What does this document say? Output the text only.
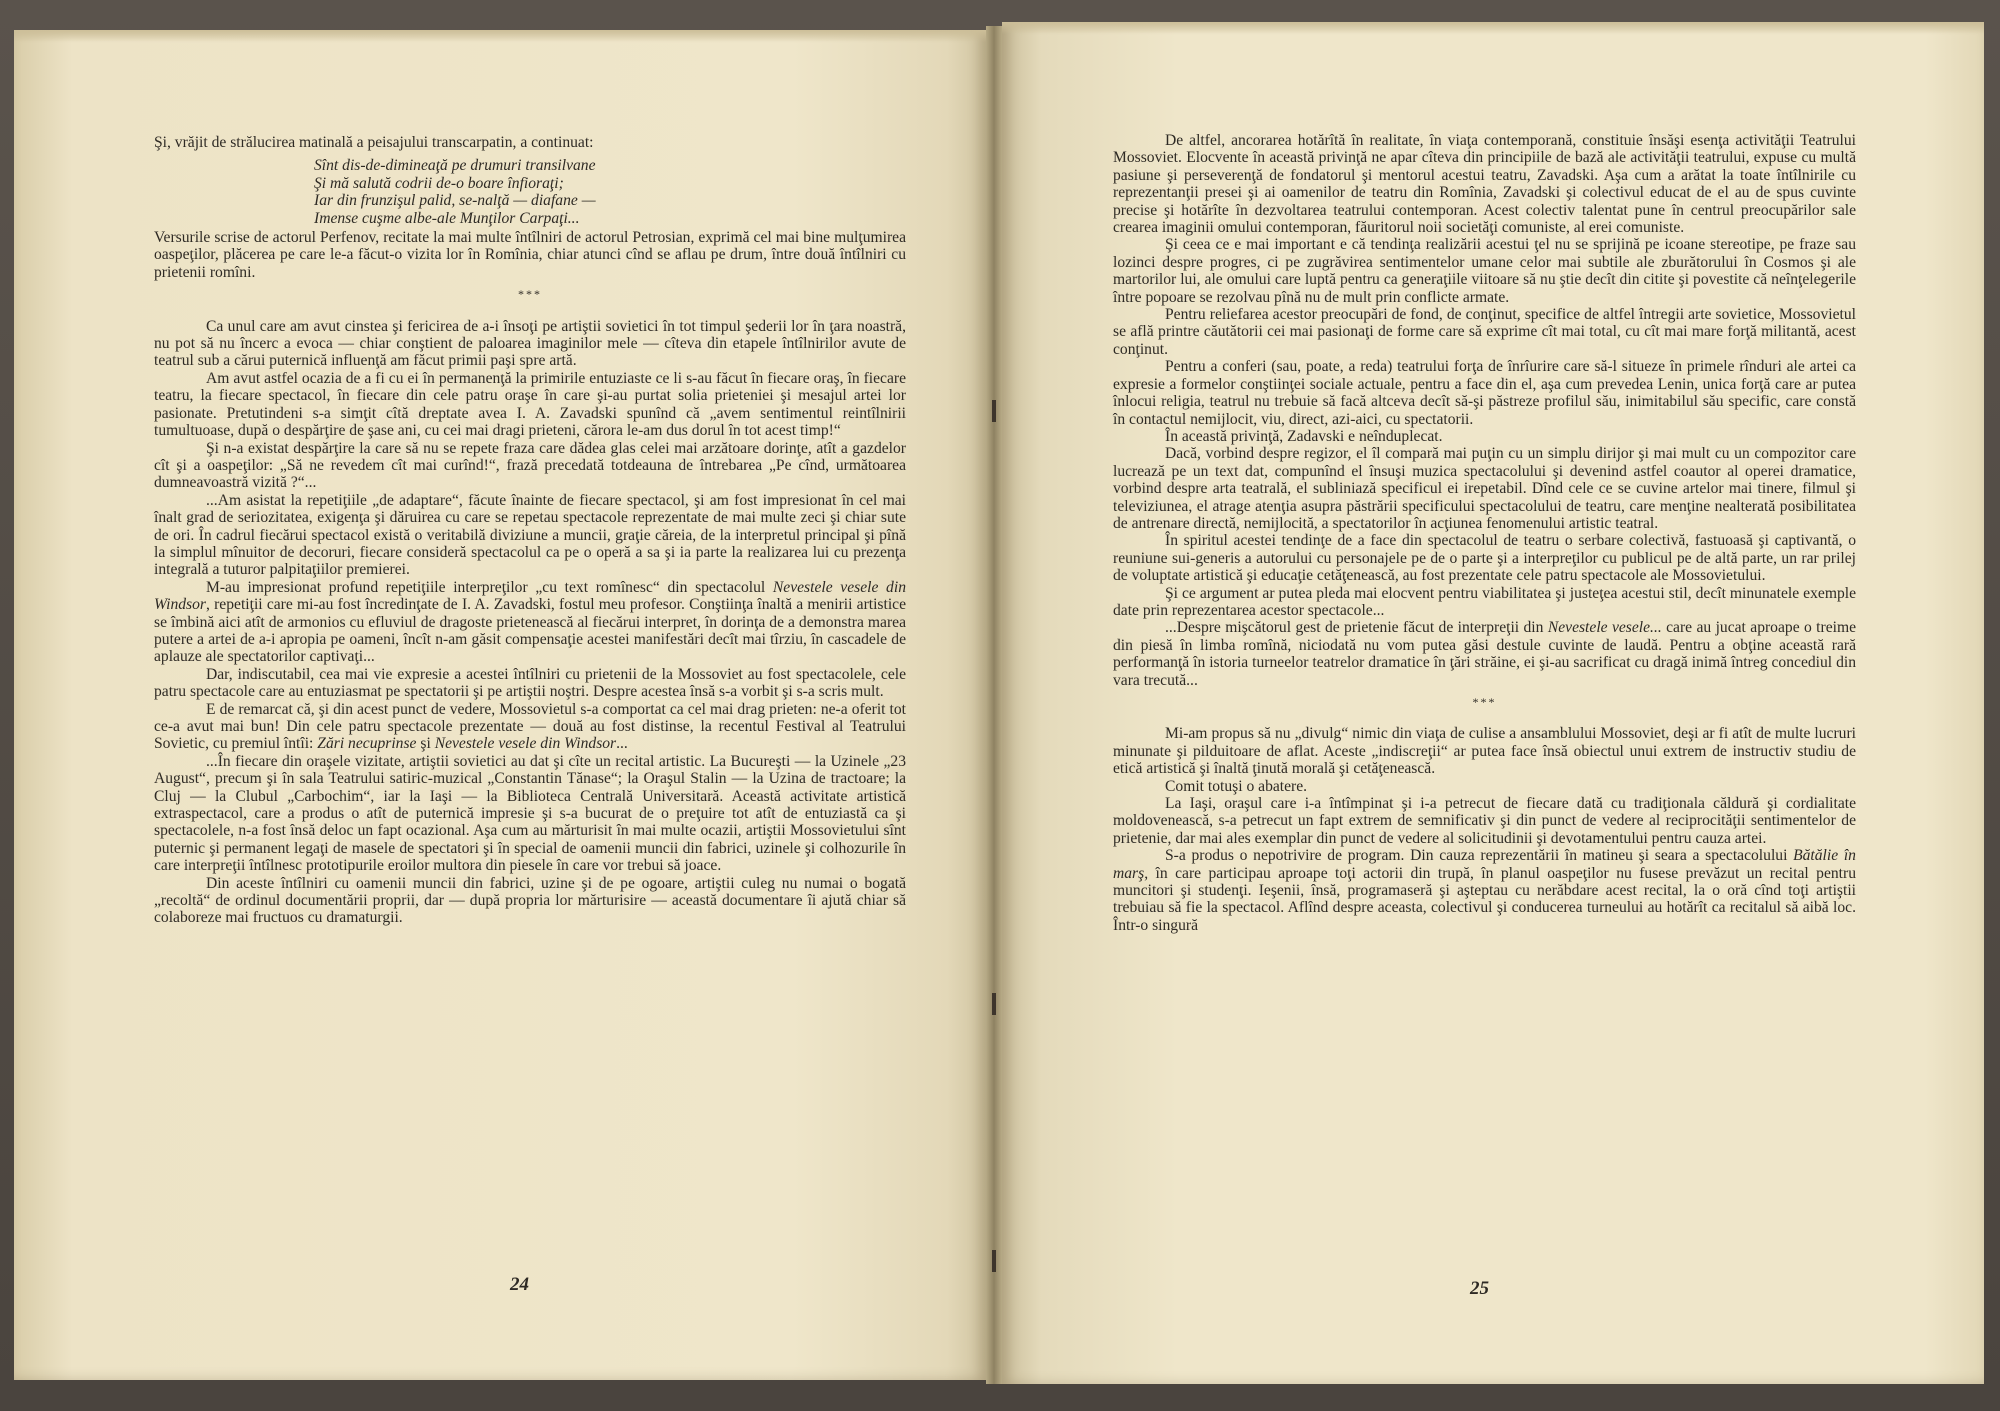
Şi, vrăjit de strălucirea matinală a peisajului transcarpatin, a continuat:

Sînt dis-de-dimineaţă pe drumuri transilvane
Şi mă salută codrii de-o boare înfioraţi;
Iar din frunzişul palid, se-nalţă — diafane —
Imense cuşme albe-ale Munţilor Carpaţi...

Versurile scrise de actorul Perfenov, recitate la mai multe întîlniri de actorul Petrosian, exprimă cel mai bine mulţumirea oaspeţilor, plăcerea pe care le-a făcut-o vizita lor în Romînia, chiar atunci cînd se aflau pe drum, între două întîlniri cu prietenii romîni.

***

Ca unul care am avut cinstea şi fericirea de a-i însoţi pe artiştii sovietici în tot timpul şederii lor în ţara noastră, nu pot să nu încerc a evoca — chiar conştient de paloarea imaginilor mele — cîteva din etapele întîlnirilor avute de teatrul sub a cărui puternică influenţă am făcut primii paşi spre artă.

Am avut astfel ocazia de a fi cu ei în permanenţă la primirile entuziaste ce li s-au făcut în fiecare oraş, în fiecare teatru, la fiecare spectacol, în fiecare din cele patru oraşe în care şi-au purtat solia prieteniei şi mesajul artei lor pasionate. Pretutindeni s-a simţit cîtă dreptate avea I. A. Zavadski spunînd că „avem sentimentul reintîlnirii tumultuoase, după o despărţire de şase ani, cu cei mai dragi prieteni, cărora le-am dus dorul în tot acest timp!“

Şi n-a existat despărţire la care să nu se repete fraza care dădea glas celei mai arzătoare dorinţe, atît a gazdelor cît şi a oaspeţilor: „Să ne revedem cît mai curînd!“, frază precedată totdeauna de întrebarea „Pe cînd, următoarea dumneavoastră vizită ?“...

...Am asistat la repetiţiile „de adaptare“, făcute înainte de fiecare spectacol, şi am fost impresionat în cel mai înalt grad de seriozitatea, exigenţa şi dăruirea cu care se repetau spectacole reprezentate de mai multe zeci şi chiar sute de ori. În cadrul fiecărui spectacol există o veritabilă diviziune a muncii, graţie căreia, de la interpretul principal şi pînă la simplul mînuitor de decoruri, fiecare consideră spectacolul ca pe o operă a sa şi ia parte la realizarea lui cu prezenţa integrală a tuturor palpitaţiilor premierei.

M-au impresionat profund repetiţiile interpreţilor „cu text romînesc“ din spectacolul Nevestele vesele din Windsor, repetiţii care mi-au fost încredinţate de I. A. Zavadski, fostul meu profesor. Conştiinţa înaltă a menirii artistice se îmbină aici atît de armonios cu efluviul de dragoste prietenească al fiecărui interpret, în dorinţa de a demonstra marea putere a artei de a-i apropia pe oameni, încît n-am găsit compensaţie acestei manifestări decît mai tîrziu, în cascadele de aplauze ale spectatorilor captivaţi...

Dar, indiscutabil, cea mai vie expresie a acestei întîlniri cu prietenii de la Mossoviet au fost spectacolele, cele patru spectacole care au entuziasmat pe spectatorii şi pe artiştii noştri. Despre acestea însă s-a vorbit şi s-a scris mult.

E de remarcat că, şi din acest punct de vedere, Mossovietul s-a comportat ca cel mai drag prieten: ne-a oferit tot ce-a avut mai bun! Din cele patru spectacole prezentate — două au fost distinse, la recentul Festival al Teatrului Sovietic, cu premiul întîi: Zări necuprinse şi Nevestele vesele din Windsor...

...În fiecare din oraşele vizitate, artiştii sovietici au dat şi cîte un recital artistic. La Bucureşti — la Uzinele „23 August“, precum şi în sala Teatrului satiric-muzical „Constantin Tănase“; la Oraşul Stalin — la Uzina de tractoare; la Cluj — la Clubul „Carbochim“, iar la Iaşi — la Biblioteca Centrală Universitară. Această activitate artistică extraspectacol, care a produs o atît de puternică impresie şi s-a bucurat de o preţuire tot atît de entuziastă ca şi spectacolele, n-a fost însă deloc un fapt ocazional. Aşa cum au mărturisit în mai multe ocazii, artiştii Mossovietului sînt puternic şi permanent legaţi de masele de spectatori şi în special de oamenii muncii din fabrici, uzinele şi colhozurile în care interpreţii întîlnesc prototipurile eroilor multora din piesele în care vor trebui să joace.

Din aceste întîlniri cu oamenii muncii din fabrici, uzine şi de pe ogoare, artiştii culeg nu numai o bogată „recoltă“ de ordinul documentării proprii, dar — după propria lor mărturisire — această documentare îi ajută chiar să colaboreze mai fructuos cu dramaturgii.

24

De altfel, ancorarea hotărîtă în realitate, în viaţa contemporană, constituie însăşi esenţa activităţii Teatrului Mossoviet. Elocvente în această privinţă ne apar cîteva din principiile de bază ale activităţii teatrului, expuse cu multă pasiune şi perseverenţă de fondatorul şi mentorul acestui teatru, Zavadski. Aşa cum a arătat la toate întîlnirile cu reprezentanţii presei şi ai oamenilor de teatru din Romînia, Zavadski şi colectivul educat de el au de spus cuvinte precise şi hotărîte în dezvoltarea teatrului contemporan. Acest colectiv talentat pune în centrul preocupărilor sale crearea imaginii omului contemporan, făuritorul noii societăţi comuniste, al erei comuniste.

Şi ceea ce e mai important e că tendinţa realizării acestui ţel nu se sprijină pe icoane stereotipe, pe fraze sau lozinci despre progres, ci pe zugrăvirea sentimentelor umane celor mai subtile ale zburătorului în Cosmos şi ale martorilor lui, ale omului care luptă pentru ca generaţiile viitoare să nu ştie decît din citite şi povestite că neînţelegerile între popoare se rezolvau pînă nu de mult prin conflicte armate.

Pentru reliefarea acestor preocupări de fond, de conţinut, specifice de altfel întregii arte sovietice, Mossovietul se află printre căutătorii cei mai pasionaţi de forme care să exprime cît mai total, cu cît mai mare forţă militantă, acest conţinut.

Pentru a conferi (sau, poate, a reda) teatrului forţa de înrîurire care să-l situeze în primele rînduri ale artei ca expresie a formelor conştiinţei sociale actuale, pentru a face din el, aşa cum prevedea Lenin, unica forţă care ar putea înlocui religia, teatrul nu trebuie să facă altceva decît să-şi păstreze profilul său, inimitabilul său specific, care constă în contactul nemijlocit, viu, direct, azi-aici, cu spectatorii.

În această privinţă, Zadavski e neînduplecat.

Dacă, vorbind despre regizor, el îl compară mai puţin cu un simplu dirijor şi mai mult cu un compozitor care lucrează pe un text dat, compunînd el însuşi muzica spectacolului şi devenind astfel coautor al operei dramatice, vorbind despre arta teatrală, el subliniază specificul ei irepetabil. Dînd cele ce se cuvine artelor mai tinere, filmul şi televiziunea, el atrage atenţia asupra păstrării specificului spectacolului de teatru, care menţine nealterată posibilitatea de antrenare directă, nemijlocită, a spectatorilor în acţiunea fenomenului artistic teatral.

În spiritul acestei tendinţe de a face din spectacolul de teatru o serbare colectivă, fastuoasă şi captivantă, o reuniune sui-generis a autorului cu personajele pe de o parte şi a interpreţilor cu publicul pe de altă parte, un rar prilej de voluptate artistică şi educaţie cetăţenească, au fost prezentate cele patru spectacole ale Mossovietului.

Şi ce argument ar putea pleda mai elocvent pentru viabilitatea şi justeţea acestui stil, decît minunatele exemple date prin reprezentarea acestor spectacole...

...Despre mişcătorul gest de prietenie făcut de interpreţii din Nevestele vesele... care au jucat aproape o treime din piesă în limba romînă, niciodată nu vom putea găsi destule cuvinte de laudă. Pentru a obţine această rară performanţă în istoria turneelor teatrelor dramatice în ţări străine, ei şi-au sacrificat cu dragă inimă întreg concediul din vara trecută...

***

Mi-am propus să nu „divulg“ nimic din viaţa de culise a ansamblului Mossoviet, deşi ar fi atît de multe lucruri minunate şi pilduitoare de aflat. Aceste „indiscreţii“ ar putea face însă obiectul unui extrem de instructiv studiu de etică artistică şi înaltă ţinută morală şi cetăţenească.

Comit totuşi o abatere.

La Iaşi, oraşul care i-a întîmpinat şi i-a petrecut de fiecare dată cu tradiţionala căldură şi cordialitate moldovenească, s-a petrecut un fapt extrem de semnificativ şi din punct de vedere al reciprocităţii sentimentelor de prietenie, dar mai ales exemplar din punct de vedere al solicitudinii şi devotamentului pentru cauza artei.

S-a produs o nepotrivire de program. Din cauza reprezentării în matineu şi seara a spectacolului Bătălie în marş, în care participau aproape toţi actorii din trupă, în planul oaspeţilor nu fusese prevăzut un recital pentru muncitori şi studenţi. Ieşenii, însă, programaseră şi aşteptau cu nerăbdare acest recital, la o oră cînd toţi artiştii trebuiau să fie la spectacol. Aflînd despre aceasta, colectivul şi conducerea turneului au hotărît ca recitalul să aibă loc. Într-o singură

25
